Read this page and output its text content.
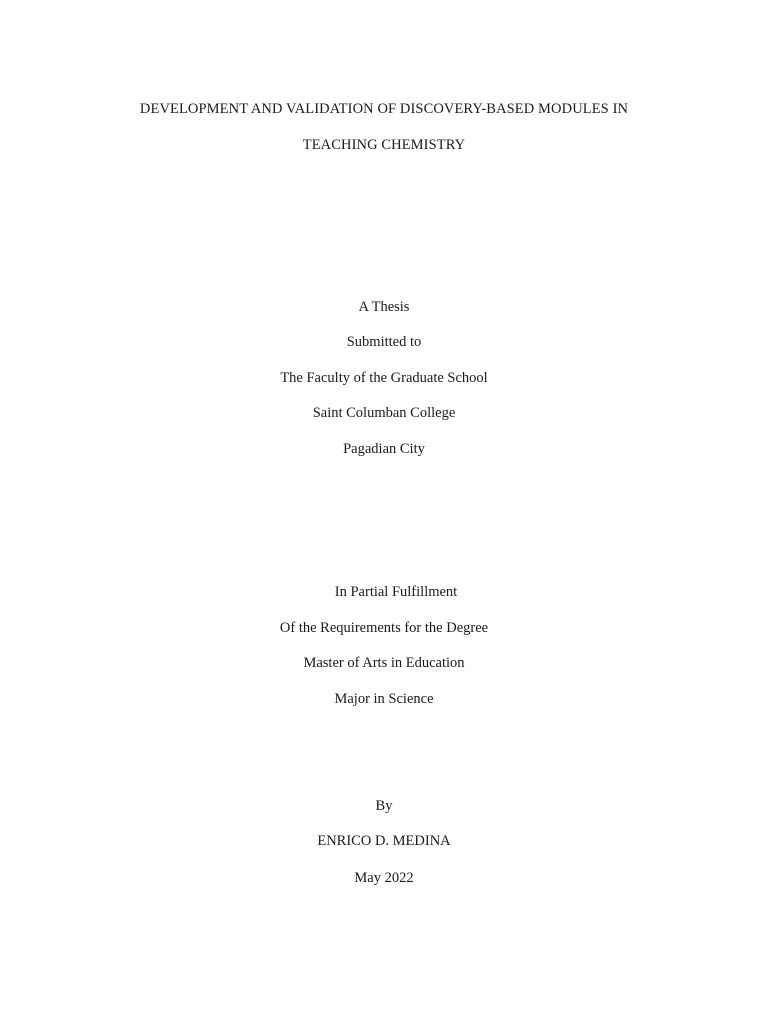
DEVELOPMENT AND VALIDATION OF DISCOVERY-BASED MODULES IN
TEACHING CHEMISTRY
A Thesis
Submitted to
The Faculty of the Graduate School
Saint Columban College
Pagadian City
In Partial Fulfillment
Of the Requirements for the Degree
Master of Arts in Education
Major in Science
By
ENRICO D. MEDINA
May 2022
